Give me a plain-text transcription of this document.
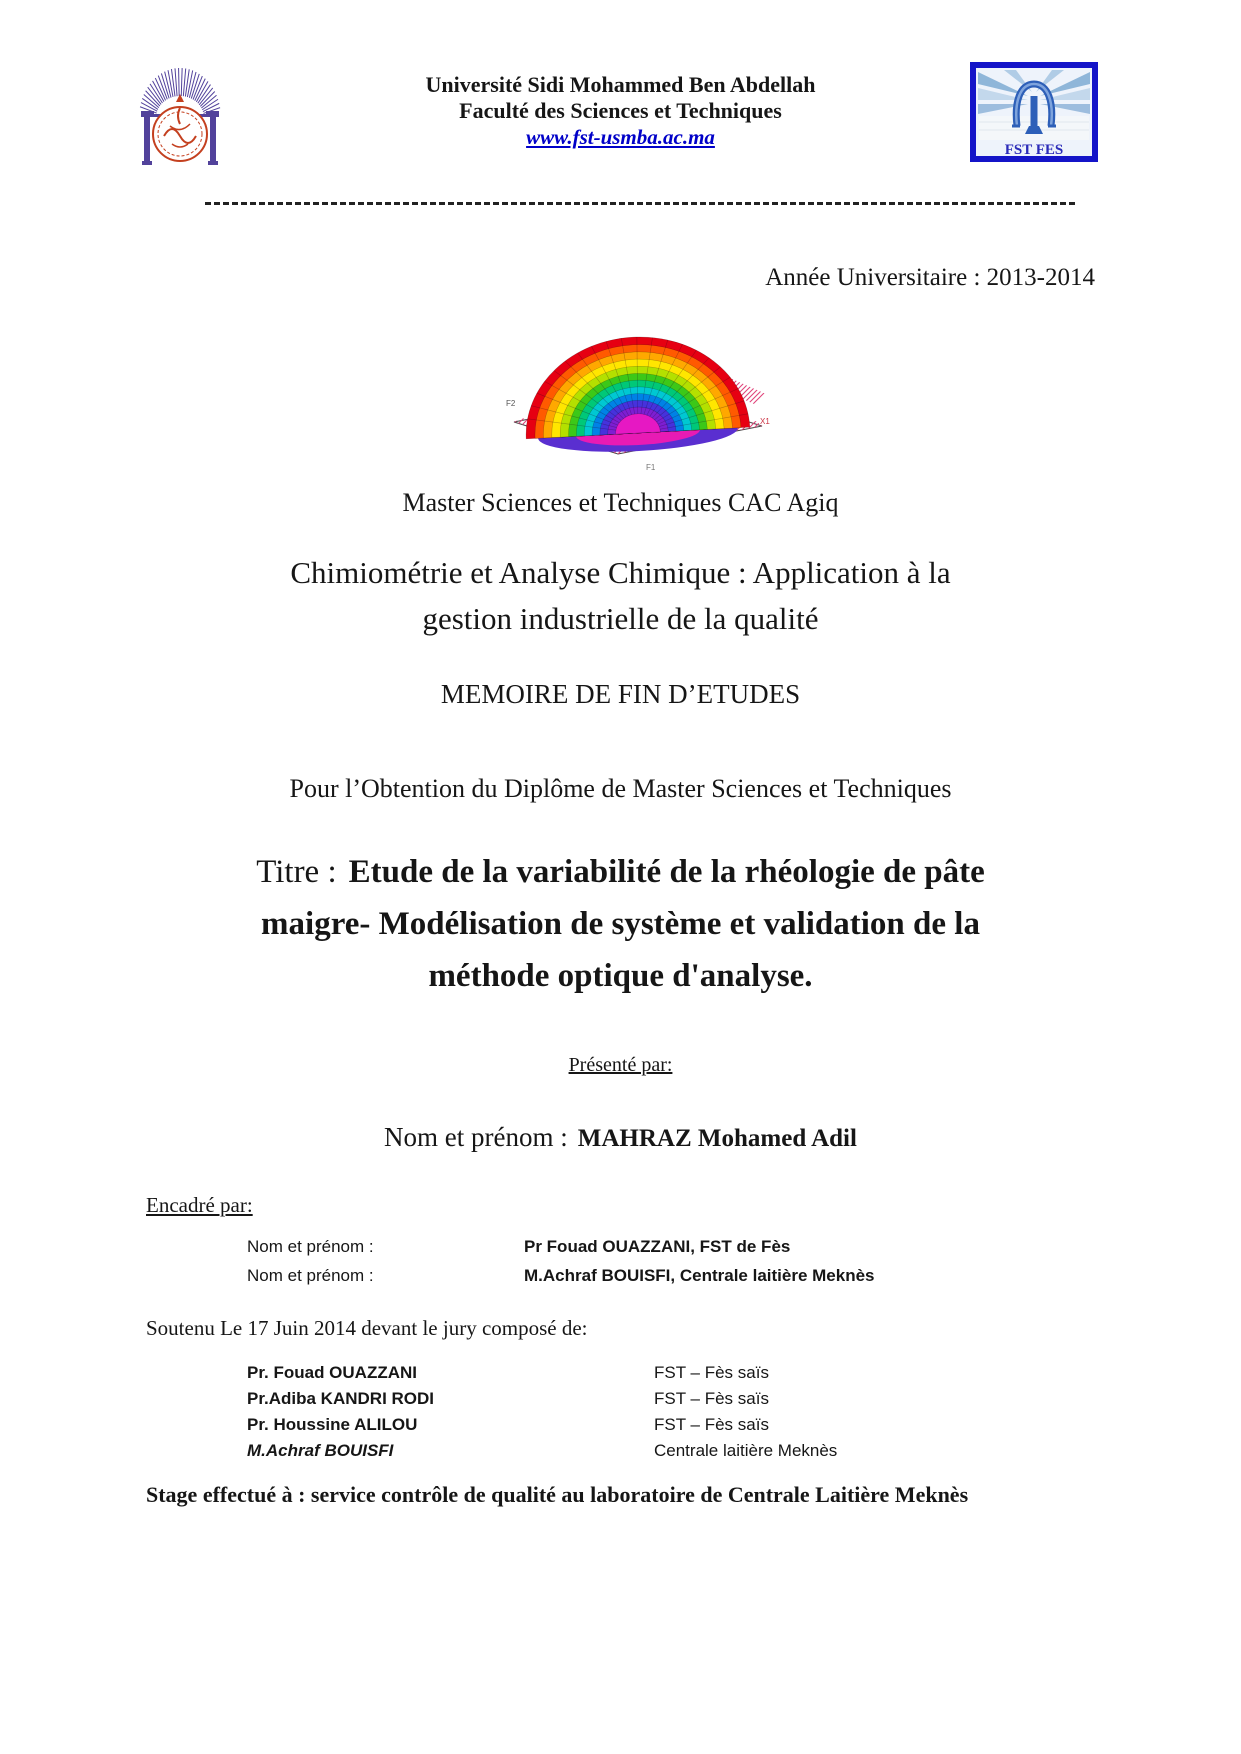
Université Sidi Mohammed Ben Abdellah
Faculté des Sciences et Techniques
www.fst-usmba.ac.ma
FST FES
Année Universitaire : 2013-2014
F2
X1
F1
Master Sciences et Techniques CAC Agiq
Chimiométrie et Analyse Chimique : Application à la
gestion industrielle de la qualité
MEMOIRE DE FIN D’ETUDES
Pour l’Obtention du Diplôme de Master Sciences et Techniques
Titre : Etude de la variabilité de la rhéologie de pâte
maigre- Modélisation de système et validation de la
méthode optique d'analyse.
Présenté par:
Nom et prénom : MAHRAZ Mohamed Adil
Encadré par:
Nom et prénom :	Pr Fouad OUAZZANI, FST de Fès
Nom et prénom :	M.Achraf BOUISFI, Centrale laitière Meknès
Soutenu Le 17 Juin 2014 devant le jury composé de:
Pr. Fouad OUAZZANI	FST – Fès saïs
Pr.Adiba KANDRI RODI	FST – Fès saïs
Pr. Houssine ALILOU	FST – Fès saïs
M.Achraf BOUISFI	Centrale laitière Meknès
Stage effectué à : service contrôle de qualité au laboratoire de Centrale Laitière Meknès
